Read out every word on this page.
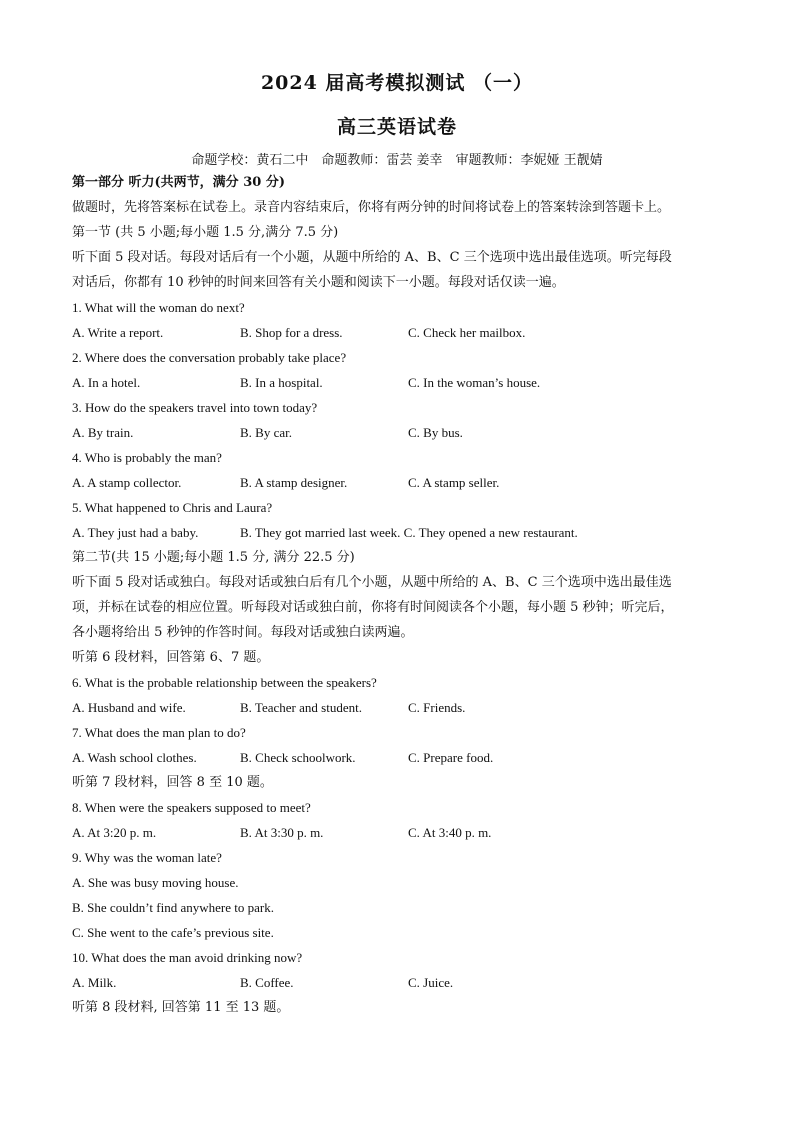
2024 届高考模拟测试 （一）
高三英语试卷
命题学校：黄石二中　命题教师：雷芸 姜幸　审题教师：李妮娅 王靓婧
第一部分 听力(共两节，满分 30 分)
做题时，先将答案标在试卷上。录音内容结束后，你将有两分钟的时间将试卷上的答案转涂到答题卡上。
第一节 (共 5 小题;每小题 1.5 分,满分 7.5 分)
听下面 5 段对话。每段对话后有一个小题，从题中所给的 A、B、C 三个选项中选出最佳选项。听完每段
对话后，你都有 10 秒钟的时间来回答有关小题和阅读下一小题。每段对话仅读一遍。
1. What will the woman do next?
A. Write a report.	B. Shop for a dress.	C. Check her mailbox.
2. Where does the conversation probably take place?
A. In a hotel.	B. In a hospital.	C. In the woman’s house.
3. How do the speakers travel into town today?
A. By train.	B. By car.	C. By bus.
4. Who is probably the man?
A. A stamp collector.	B. A stamp designer.	C. A stamp seller.
5. What happened to Chris and Laura?
A. They just had a baby.	B. They got married last week. C. They opened a new restaurant.
第二节(共 15 小题;每小题 1.5 分, 满分 22.5 分)
听下面 5 段对话或独白。每段对话或独白后有几个小题，从题中所给的 A、B、C 三个选项中选出最佳选
项，并标在试卷的相应位置。听每段对话或独白前，你将有时间阅读各个小题，每小题 5 秒钟；听完后，
各小题将给出 5 秒钟的作答时间。每段对话或独白读两遍。
听第 6 段材料，回答第 6、7 题。
6. What is the probable relationship between the speakers?
A. Husband and wife.	B. Teacher and student.	C. Friends.
7. What does the man plan to do?
A. Wash school clothes.	B. Check schoolwork.	C. Prepare food.
听第 7 段材料，回答 8 至 10 题。
8. When were the speakers supposed to meet?
A. At 3:20 p. m.	B. At 3:30 p. m.	C. At 3:40 p. m.
9. Why was the woman late?
A. She was busy moving house.
B. She couldn’t find anywhere to park.
C. She went to the cafe’s previous site.
10. What does the man avoid drinking now?
A. Milk.	B. Coffee.	C. Juice.
听第 8 段材料, 回答第 11 至 13 题。
